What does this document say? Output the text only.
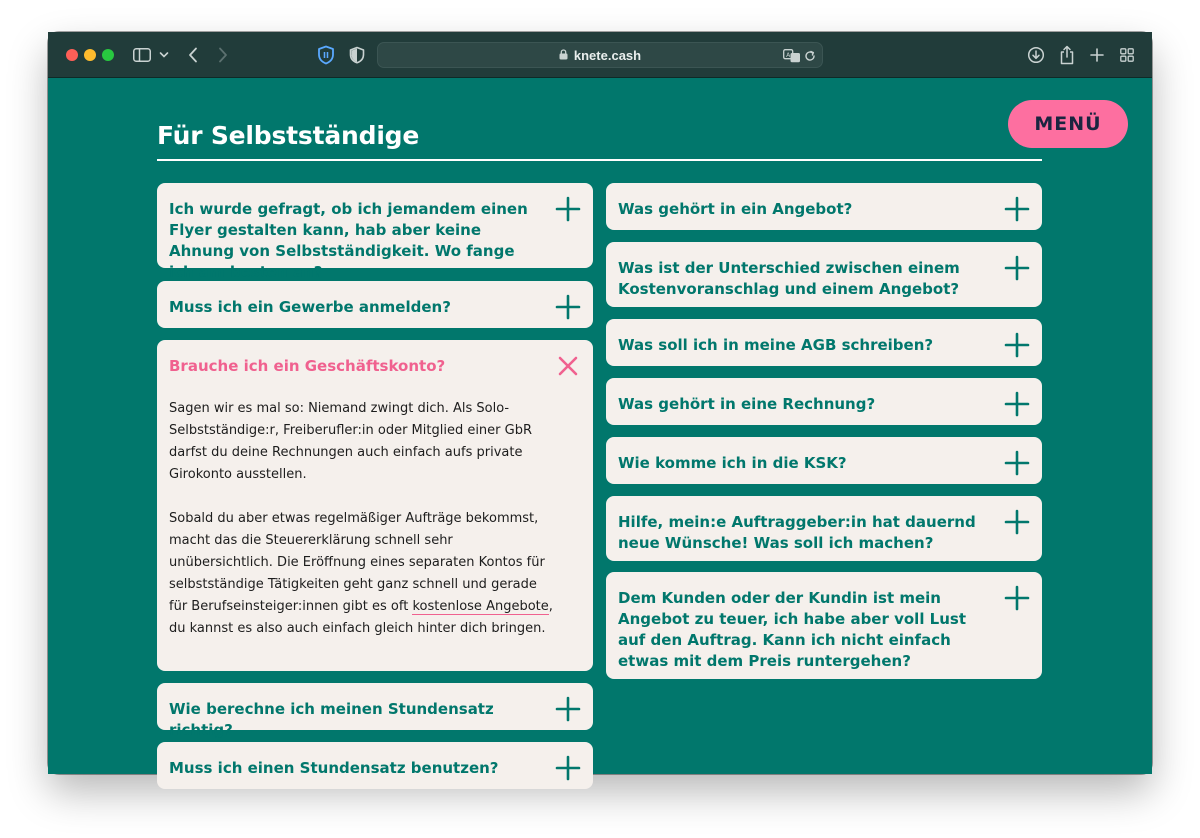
II	knete.cash	A
Für Selbstständige	MENÜ
Ich wurde gefragt, ob ich jemandem einen Flyer gestalten kann, hab aber keine Ahnung von Selbstständigkeit. Wo fange ich am besten an?
Muss ich ein Gewerbe anmelden?
Brauche ich ein Geschäftskonto?

Sagen wir es mal so: Niemand zwingt dich. Als Solo-Selbstständige:r, Freiberufler:in oder Mitglied einer GbR darfst du deine Rechnungen auch einfach aufs private Girokonto ausstellen.

Sobald du aber etwas regelmäßiger Aufträge bekommst, macht das die Steuererklärung schnell sehr unübersichtlich. Die Eröffnung eines separaten Kontos für selbstständige Tätigkeiten geht ganz schnell und gerade für Berufseinsteiger:innen gibt es oft kostenlose Angebote, du kannst es also auch einfach gleich hinter dich bringen.

Wie berechne ich meinen Stundensatz richtig?
Muss ich einen Stundensatz benutzen?
Was gehört in ein Angebot?
Was ist der Unterschied zwischen einem Kostenvoranschlag und einem Angebot?
Was soll ich in meine AGB schreiben?
Was gehört in eine Rechnung?
Wie komme ich in die KSK?
Hilfe, mein:e Auftraggeber:in hat dauernd neue Wünsche! Was soll ich machen?
Dem Kunden oder der Kundin ist mein Angebot zu teuer, ich habe aber voll Lust auf den Auftrag. Kann ich nicht einfach etwas mit dem Preis runtergehen?
